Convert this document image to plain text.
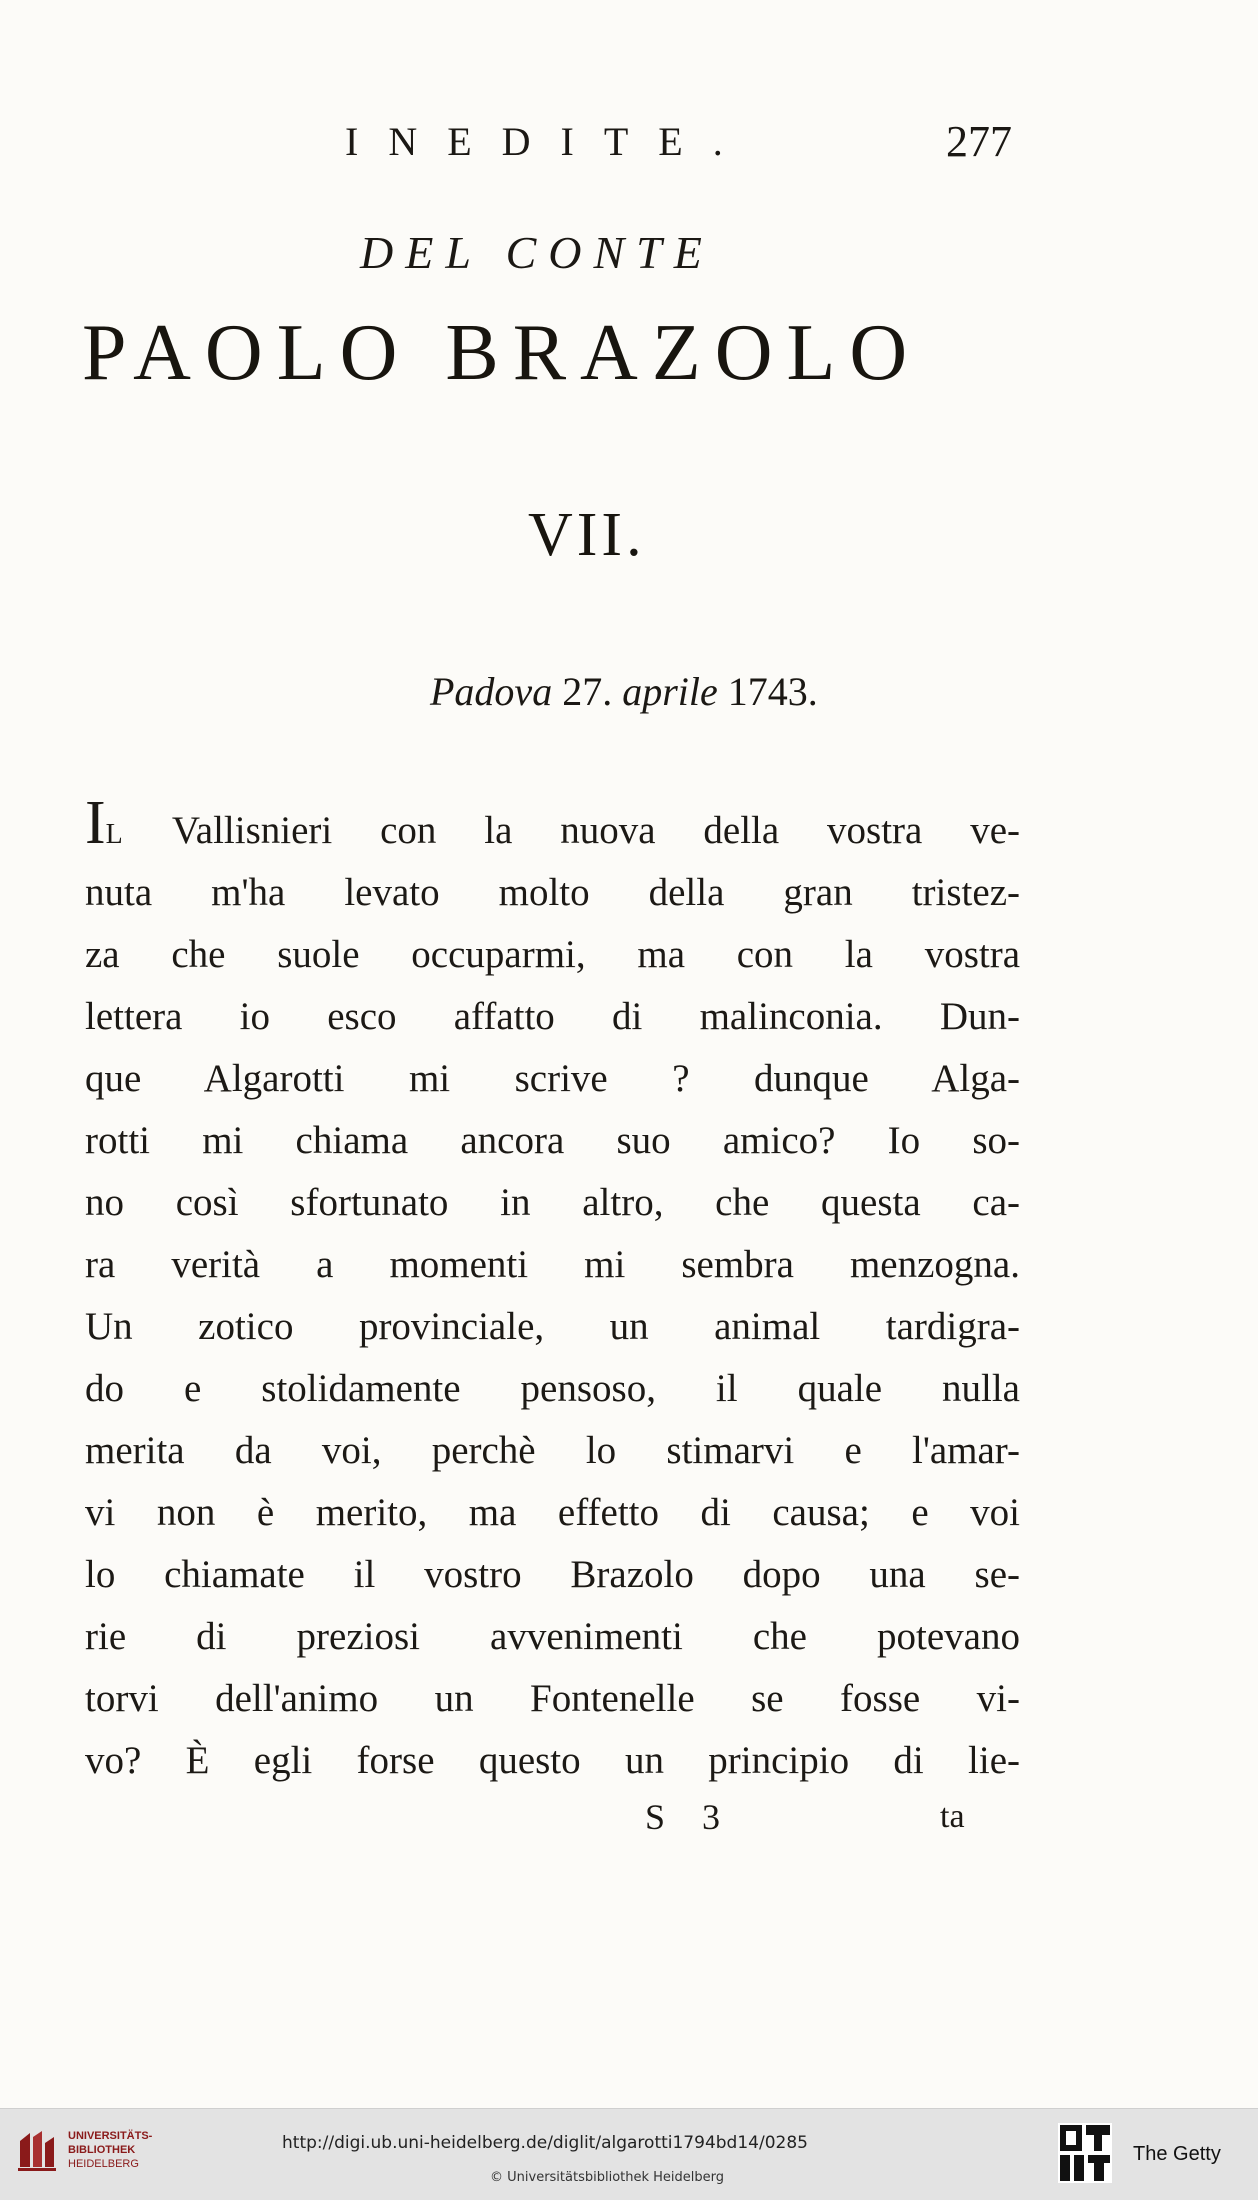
INEDITE.	277
DEL CONTE
PAOLO BRAZOLO
VII.
Padova 27. aprile 1743.
IL Vallisnieri con la nuova della vostra ve-
nuta m'ha levato molto della gran tristez-
za che suole occuparmi, ma con la vostra
lettera io esco affatto di malinconia. Dun-
que Algarotti mi scrive ? dunque Alga-
rotti mi chiama ancora suo amico? Io so-
no così sfortunato in altro, che questa ca-
ra verità a momenti mi sembra menzogna.
Un zotico provinciale, un animal tardigra-
do e stolidamente pensoso, il quale nulla
merita da voi, perchè lo stimarvi e l'amar-
vi non è merito, ma effetto di causa; e voi
lo chiamate il vostro Brazolo dopo una se-
rie di preziosi avvenimenti che potevano
torvi dell'animo un Fontenelle se fosse vi-
vo? È egli forse questo un principio di lie-
S 3	ta
UNIVERSITÄTS-
BIBLIOTHEK
HEIDELBERG
http://digi.ub.uni-heidelberg.de/diglit/algarotti1794bd14/0285
© Universitätsbibliothek Heidelberg
The Getty
